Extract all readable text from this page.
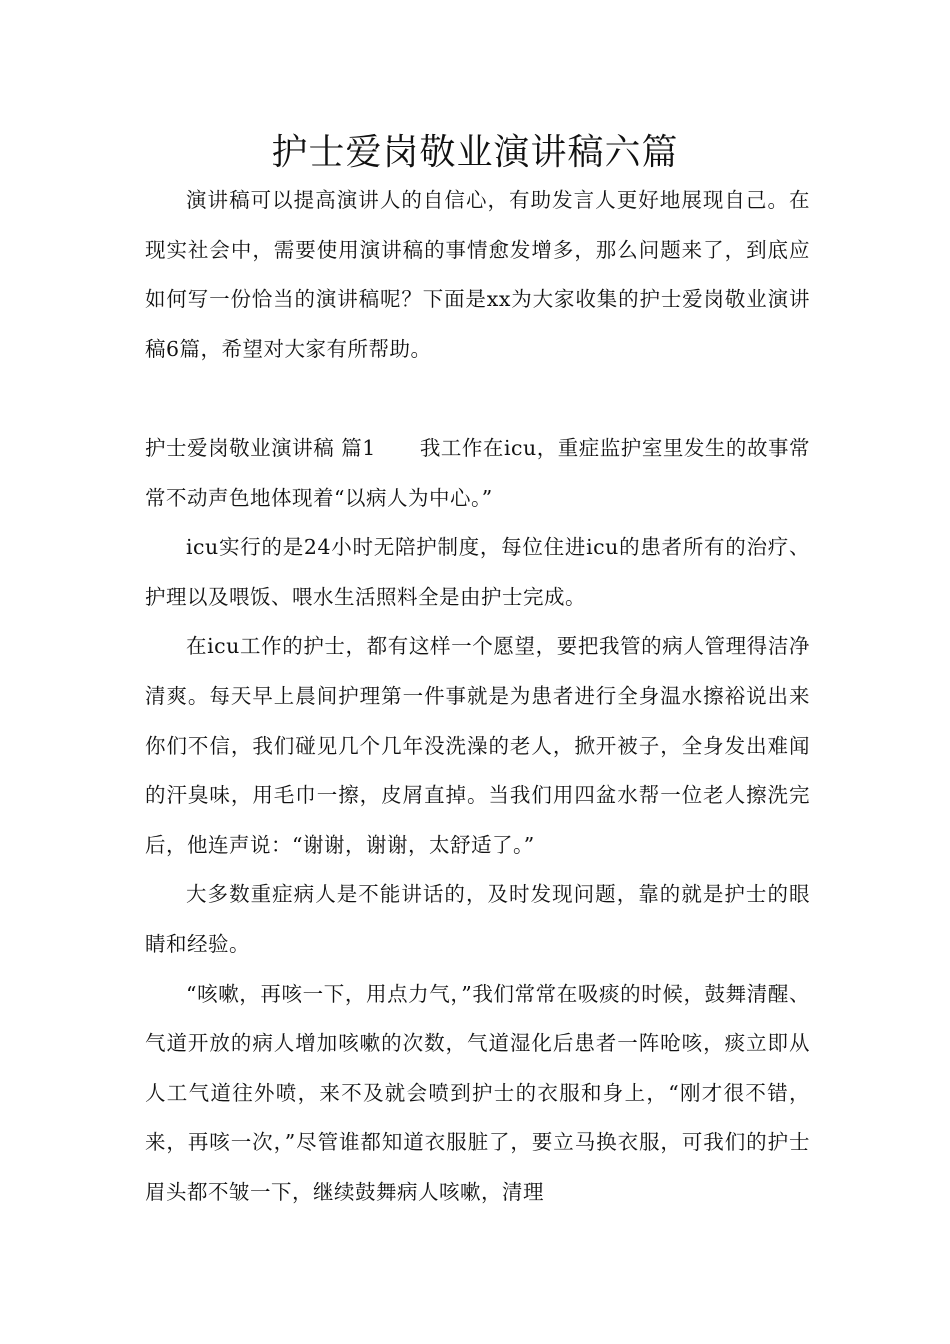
护士爱岗敬业演讲稿六篇

演讲稿可以提高演讲人的自信心，有助发言人更好地展现自己。在现实社会中，需要使用演讲稿的事情愈发增多，那么问题来了，到底应如何写一份恰当的演讲稿呢？下面是xx为大家收集的护士爱岗敬业演讲稿6篇，希望对大家有所帮助。

护士爱岗敬业演讲稿 篇1 我工作在icu，重症监护室里发生的故事常常不动声色地体现着“以病人为中心。”

icu实行的是24小时无陪护制度，每位住进icu的患者所有的治疗、护理以及喂饭、喂水生活照料全是由护士完成。

在icu工作的护士，都有这样一个愿望，要把我管的病人管理得洁净清爽。每天早上晨间护理第一件事就是为患者进行全身温水擦裕说出来你们不信，我们碰见几个几年没洗澡的老人，掀开被子，全身发出难闻的汗臭味，用毛巾一擦，皮屑直掉。当我们用四盆水帮一位老人擦洗完后，他连声说：“谢谢，谢谢，太舒适了。”

大多数重症病人是不能讲话的，及时发现问题，靠的就是护士的眼睛和经验。

“咳嗽，再咳一下，用点力气，”我们常常在吸痰的时候，鼓舞清醒、气道开放的病人增加咳嗽的次数，气道湿化后患者一阵呛咳，痰立即从人工气道往外喷，来不及就会喷到护士的衣服和身上，“刚才很不错，来，再咳一次，”尽管谁都知道衣服脏了，要立马换衣服，可我们的护士眉头都不皱一下，继续鼓舞病人咳嗽，清理
